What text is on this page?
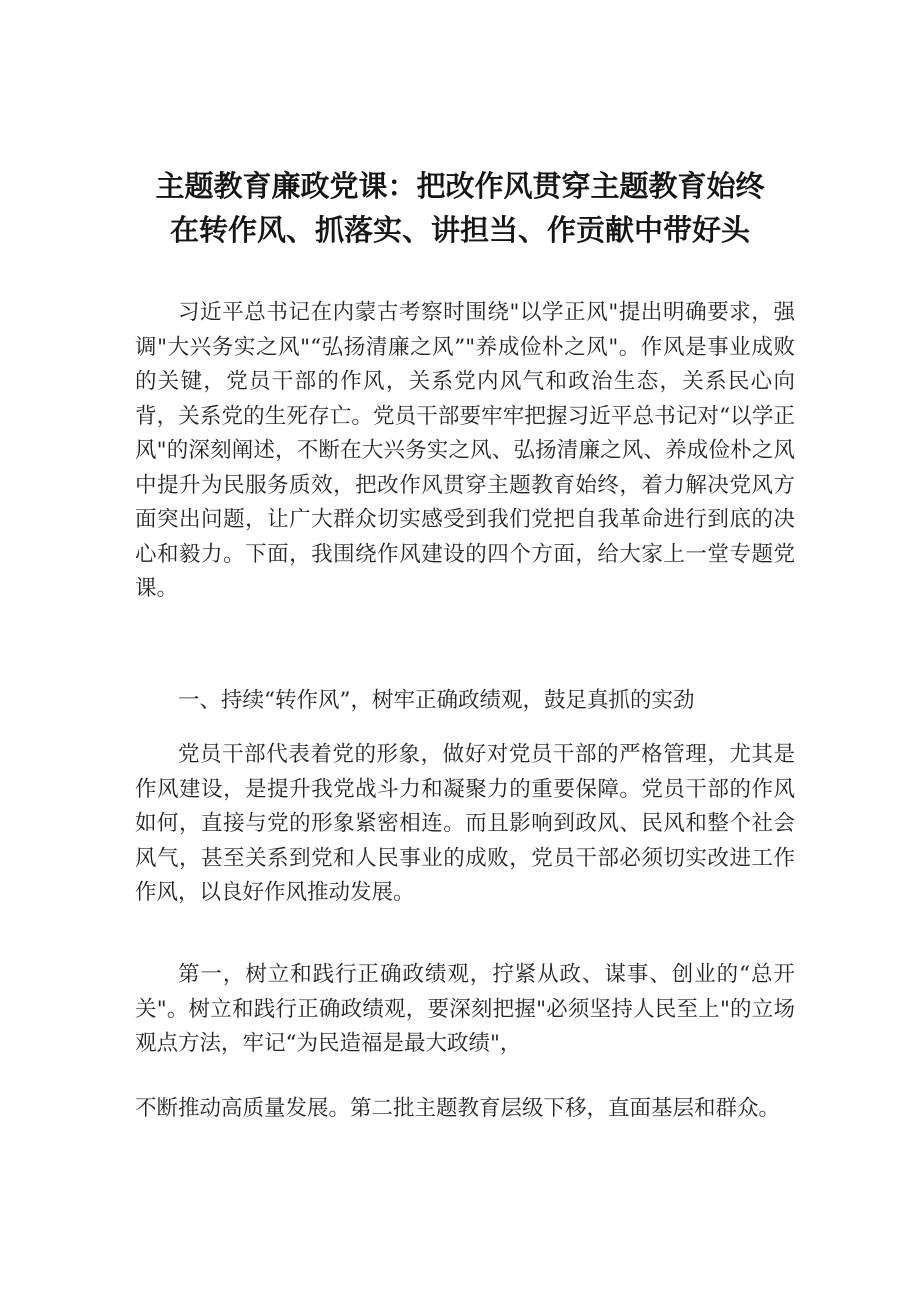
主题教育廉政党课：把改作风贯穿主题教育始终在转作风、抓落实、讲担当、作贡献中带好头

习近平总书记在内蒙古考察时围绕"以学正风"提出明确要求，强调"大兴务实之风"“弘扬清廉之风”"养成俭朴之风"。作风是事业成败的关键，党员干部的作风，关系党内风气和政治生态，关系民心向背，关系党的生死存亡。党员干部要牢牢把握习近平总书记对“以学正风"的深刻阐述，不断在大兴务实之风、弘扬清廉之风、养成俭朴之风中提升为民服务质效，把改作风贯穿主题教育始终，着力解决党风方面突出问题，让广大群众切实感受到我们党把自我革命进行到底的决心和毅力。下面，我围绕作风建设的四个方面，给大家上一堂专题党课。

一、持续“转作风”，树牢正确政绩观，鼓足真抓的实劲

党员干部代表着党的形象，做好对党员干部的严格管理，尤其是作风建设，是提升我党战斗力和凝聚力的重要保障。党员干部的作风如何，直接与党的形象紧密相连。而且影响到政风、民风和整个社会风气，甚至关系到党和人民事业的成败，党员干部必须切实改进工作作风，以良好作风推动发展。

第一，树立和践行正确政绩观，拧紧从政、谋事、创业的“总开关"。树立和践行正确政绩观，要深刻把握"必须坚持人民至上"的立场观点方法，牢记“为民造福是最大政绩"，

不断推动高质量发展。第二批主题教育层级下移，直面基层和群众。
